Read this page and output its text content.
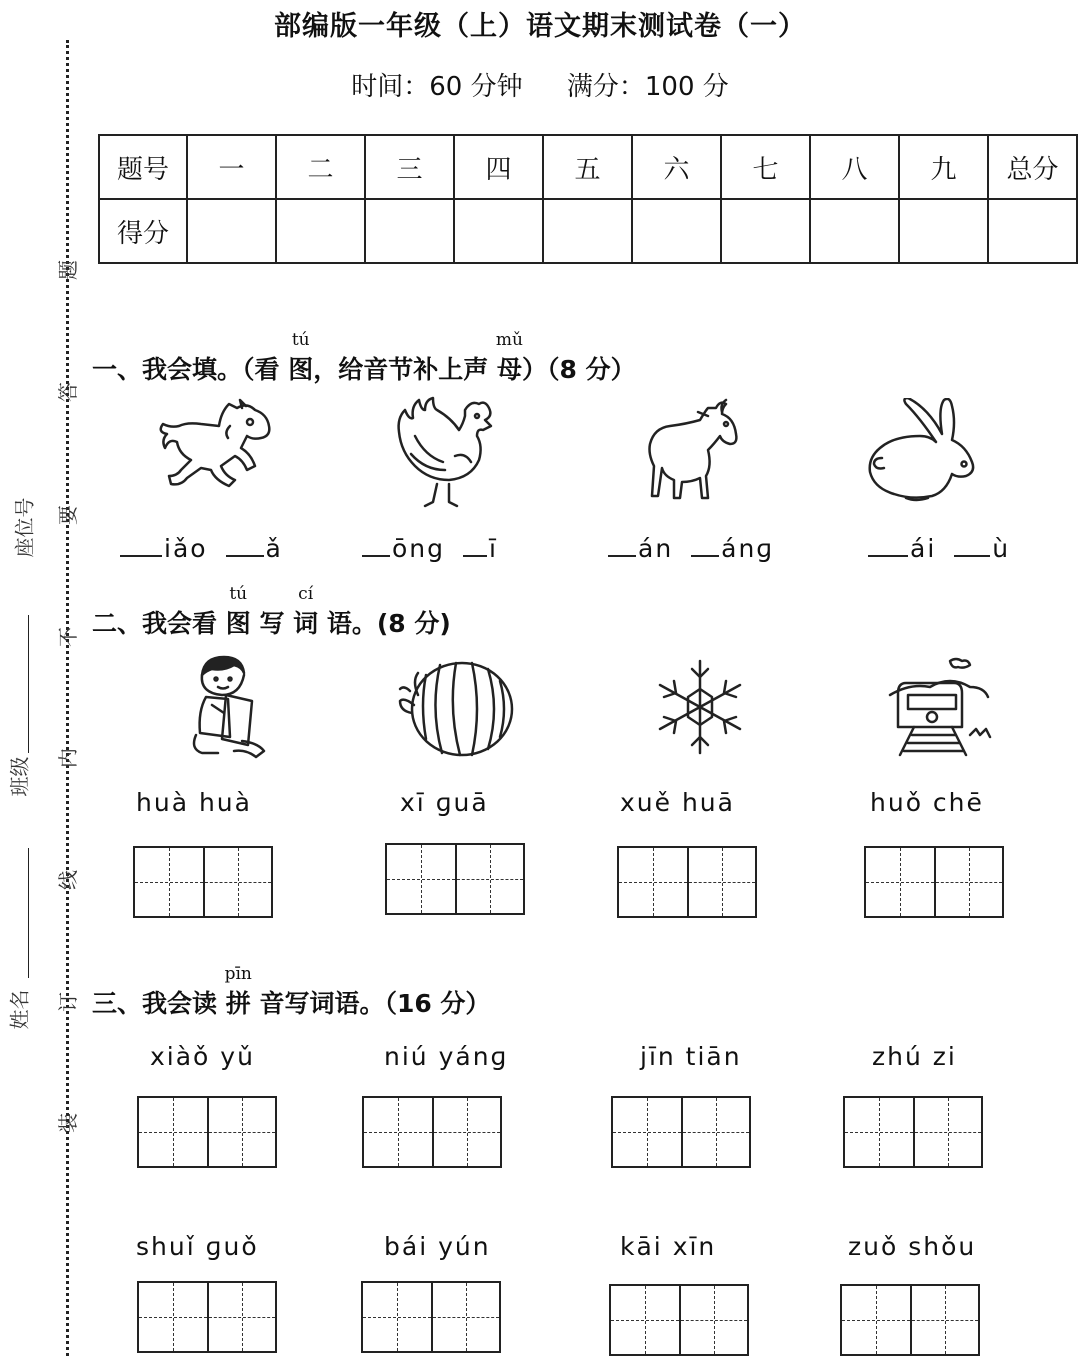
部编版一年级（上）语文期末测试卷（一）
时间：60 分钟 满分：100 分
题
答
要
不
内
线
订
装
座位号
班级
姓名
题号	一	二	三	四	五	六	七	八	九	总分
得分										
一、我会填。（看
tú
图，给音节补上声
mǔ
母）（8 分）
iǎo ǎ	ōng ī	án ánɡ	ái ù
二、我会看
tú
图 写
cí
词 语。(8 分)
huà huà	xī ɡuā	xuě huā	huǒ chē
三、我会读
pīn
拼 音写词语。（16 分）
xiàǒ yǔ	niú yánɡ	jīn tiān	zhú zi
shuǐ ɡuǒ	bái yún	kāi xīn	zuǒ shǒu
